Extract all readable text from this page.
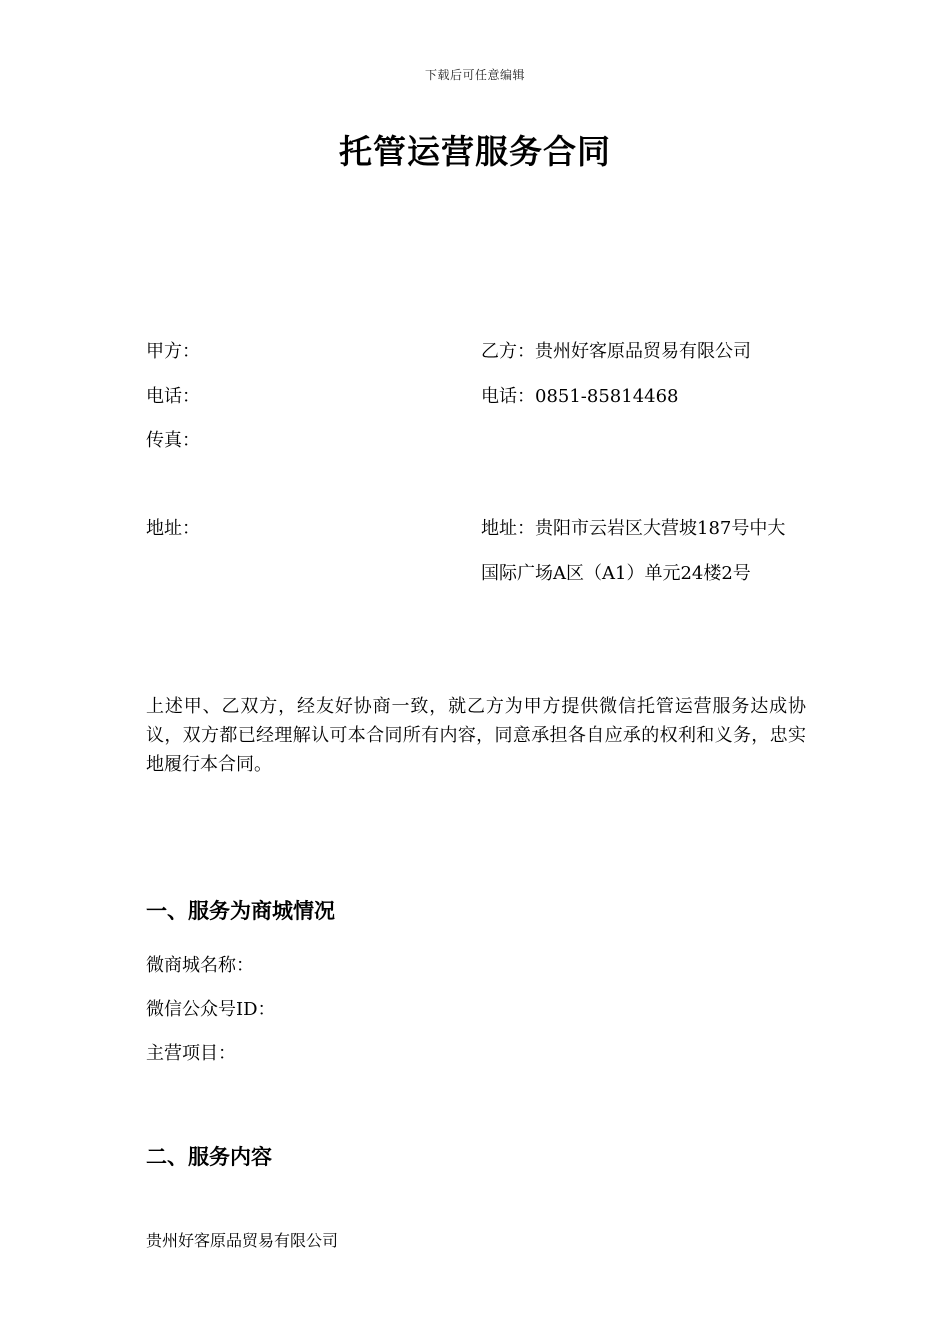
下载后可任意编辑
托管运营服务合同
甲方：
电话：
传真：
地址：
乙方：贵州好客原品贸易有限公司
电话：0851-85814468
地址：贵阳市云岩区大营坡187号中大
国际广场A区（A1）单元24楼2号
上述甲、乙双方，经友好协商一致，就乙方为甲方提供微信托管运营服务达成协议，双方都已经理解认可本合同所有内容，同意承担各自应承的权利和义务，忠实地履行本合同。
一、服务为商城情况
微商城名称：
微信公众号ID：
主营项目：
二、服务内容
贵州好客原品贸易有限公司
